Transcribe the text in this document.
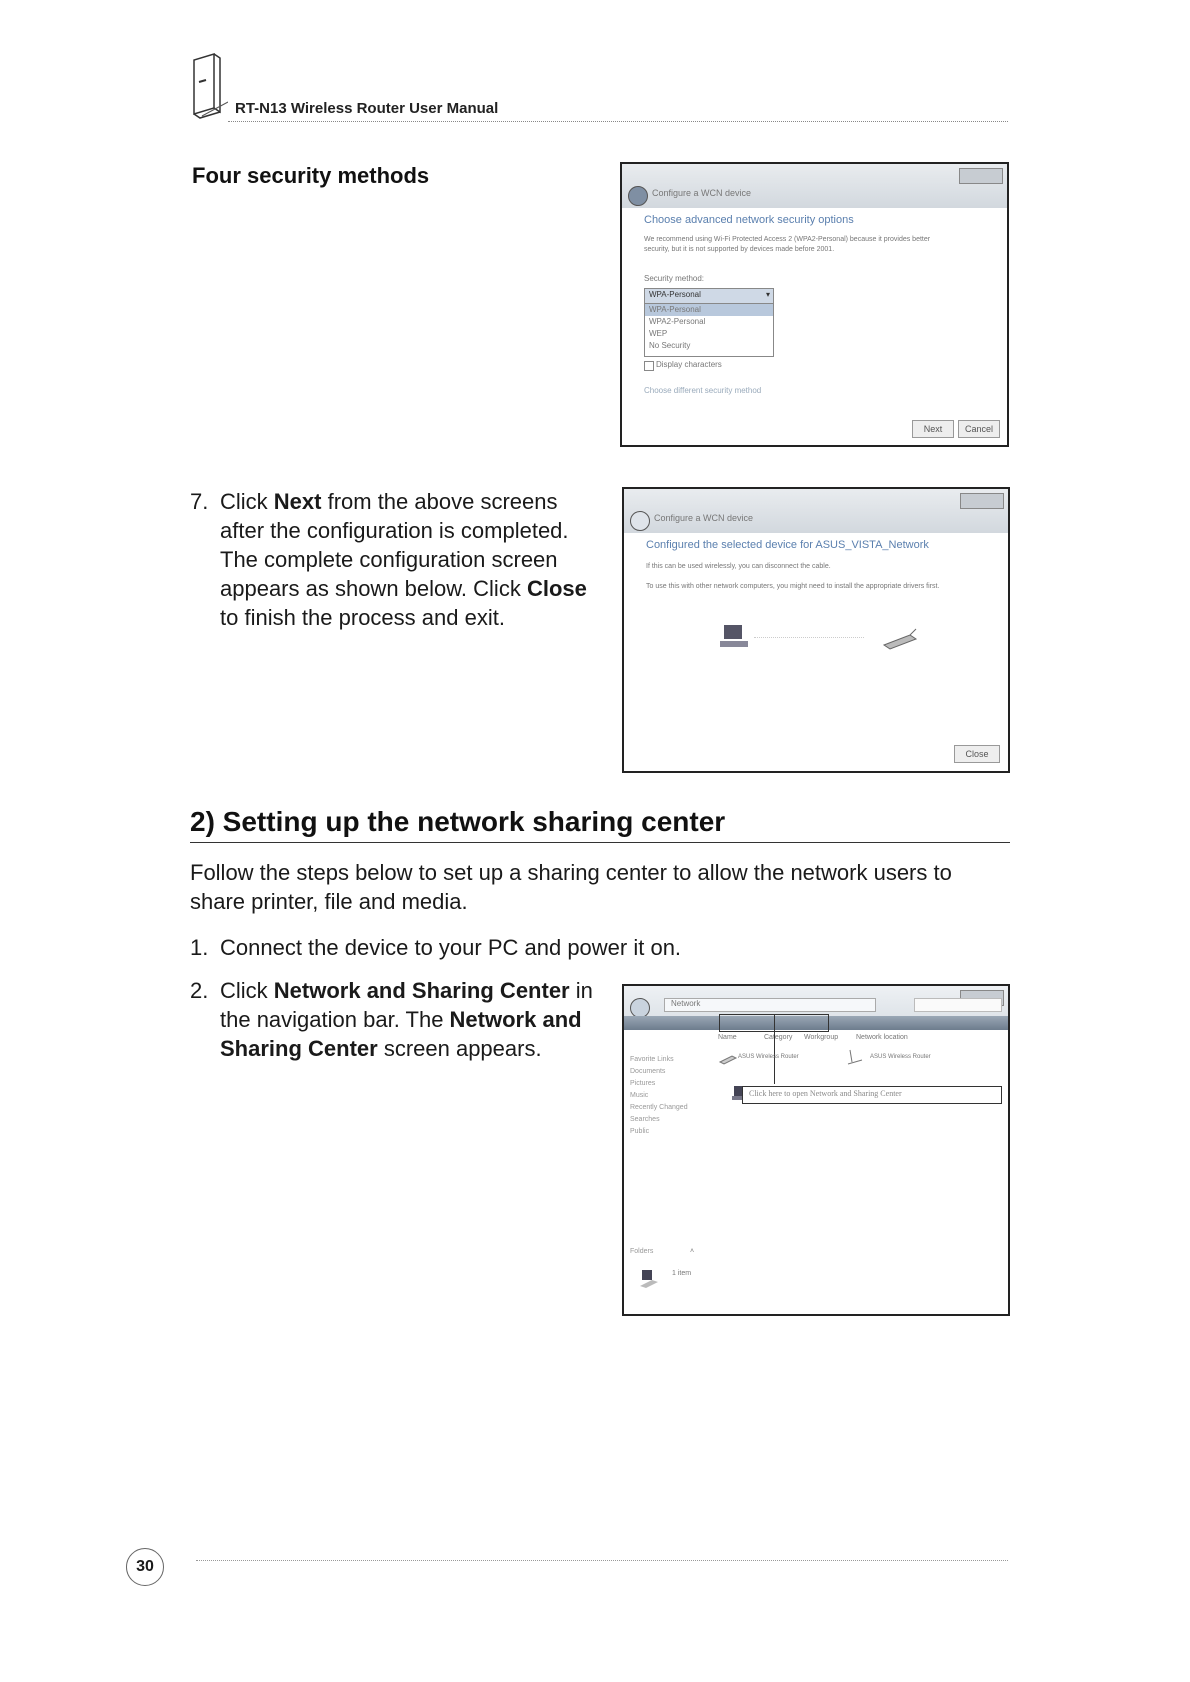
RT-N13 Wireless Router User Manual
Four security methods
Configure a WCN device
Choose advanced network security options
We recommend using Wi-Fi Protected Access 2 (WPA2-Personal) because it provides better
security, but it is not supported by devices made before 2001.
Security method:
WPA-Personal	▾
WPA-Personal
WPA2-Personal
WEP
No Security
Display characters
Choose different security method
Next	Cancel
7. Click Next from the above screens after the configuration is completed. The complete configuration screen appears as shown below. Click Close to finish the process and exit.
Configure a WCN device
Configured the selected device for ASUS_VISTA_Network
If this can be used wirelessly, you can disconnect the cable.
To use this with other network computers, you might need to install the appropriate drivers first.
Close
2) Setting up the network sharing center
Follow the steps below to set up a sharing center to allow the network users to share printer, file and media.
1. Connect the device to your PC and power it on.
2. Click Network and Sharing Center in the navigation bar. The Network and Sharing Center screen appears.
Network
Name	Category Workgroup	Network location
Favorite Links
Documents
Pictures
Music
Recently Changed
Searches
Public
ASUS Wireless Router	ASUS Wireless Router
Click here to open Network and Sharing Center
Folders	˄
1 item
30
